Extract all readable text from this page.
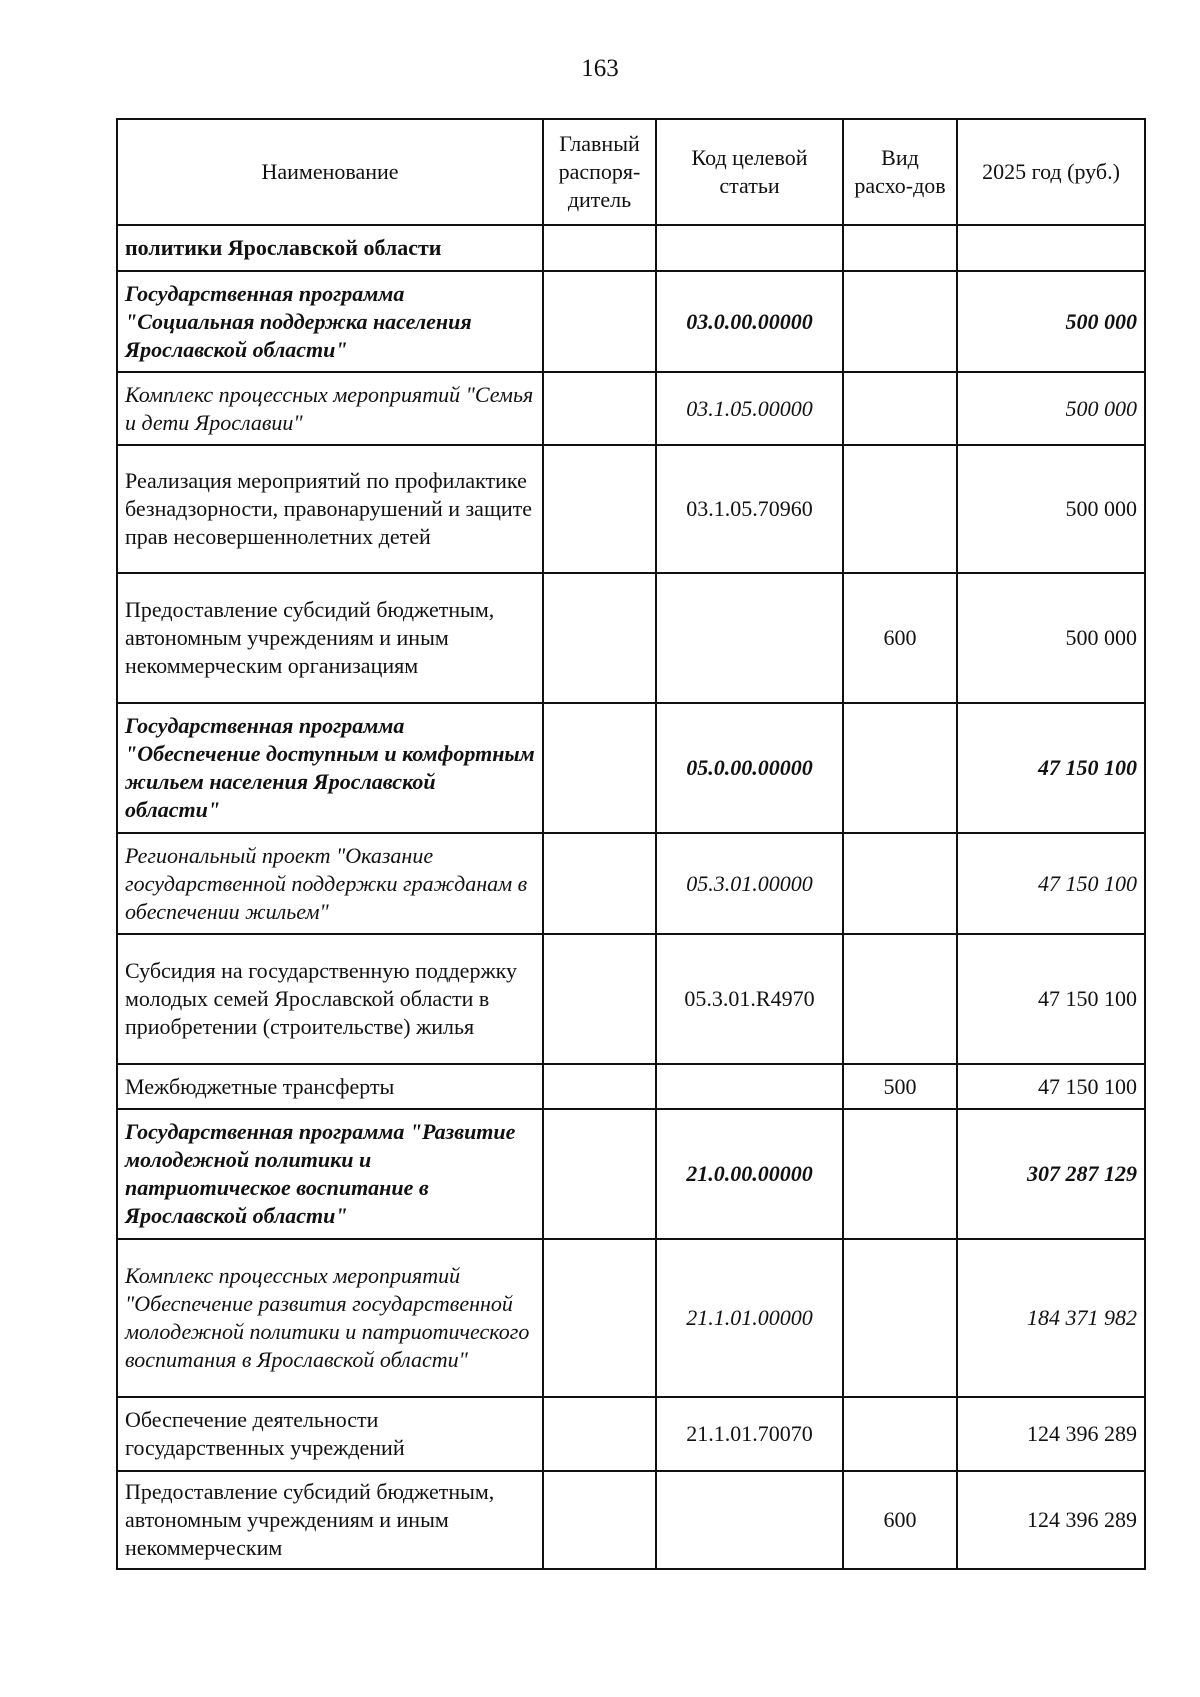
163
Наименование	Главный распоря-дитель	Код целевой статьи	Вид расхо-дов	2025 год (руб.)
политики Ярославской области				
Государственная программа "Социальная поддержка населения Ярославской области"		03.0.00.00000		500 000
Комплекс процессных мероприятий "Семья и дети Ярославии"		03.1.05.00000		500 000
Реализация мероприятий по профилактике безнадзорности, правонарушений и защите прав несовершеннолетних детей		03.1.05.70960		500 000
Предоставление субсидий бюджетным, автономным учреждениям и иным некоммерческим организациям			600	500 000
Государственная программа "Обеспечение доступным и комфортным жильем населения Ярославской области"		05.0.00.00000		47 150 100
Региональный проект "Оказание государственной поддержки гражданам в обеспечении жильем"		05.3.01.00000		47 150 100
Субсидия на государственную поддержку молодых семей Ярославской области в приобретении (строительстве) жилья		05.3.01.R4970		47 150 100
Межбюджетные трансферты			500	47 150 100
Государственная программа "Развитие молодежной политики и патриотическое воспитание в Ярославской области"		21.0.00.00000		307 287 129
Комплекс процессных мероприятий "Обеспечение развития государственной молодежной политики и патриотического воспитания в Ярославской области"		21.1.01.00000		184 371 982
Обеспечение деятельности государственных учреждений		21.1.01.70070		124 396 289
Предоставление субсидий бюджетным, автономным учреждениям и иным некоммерческим			600	124 396 289
